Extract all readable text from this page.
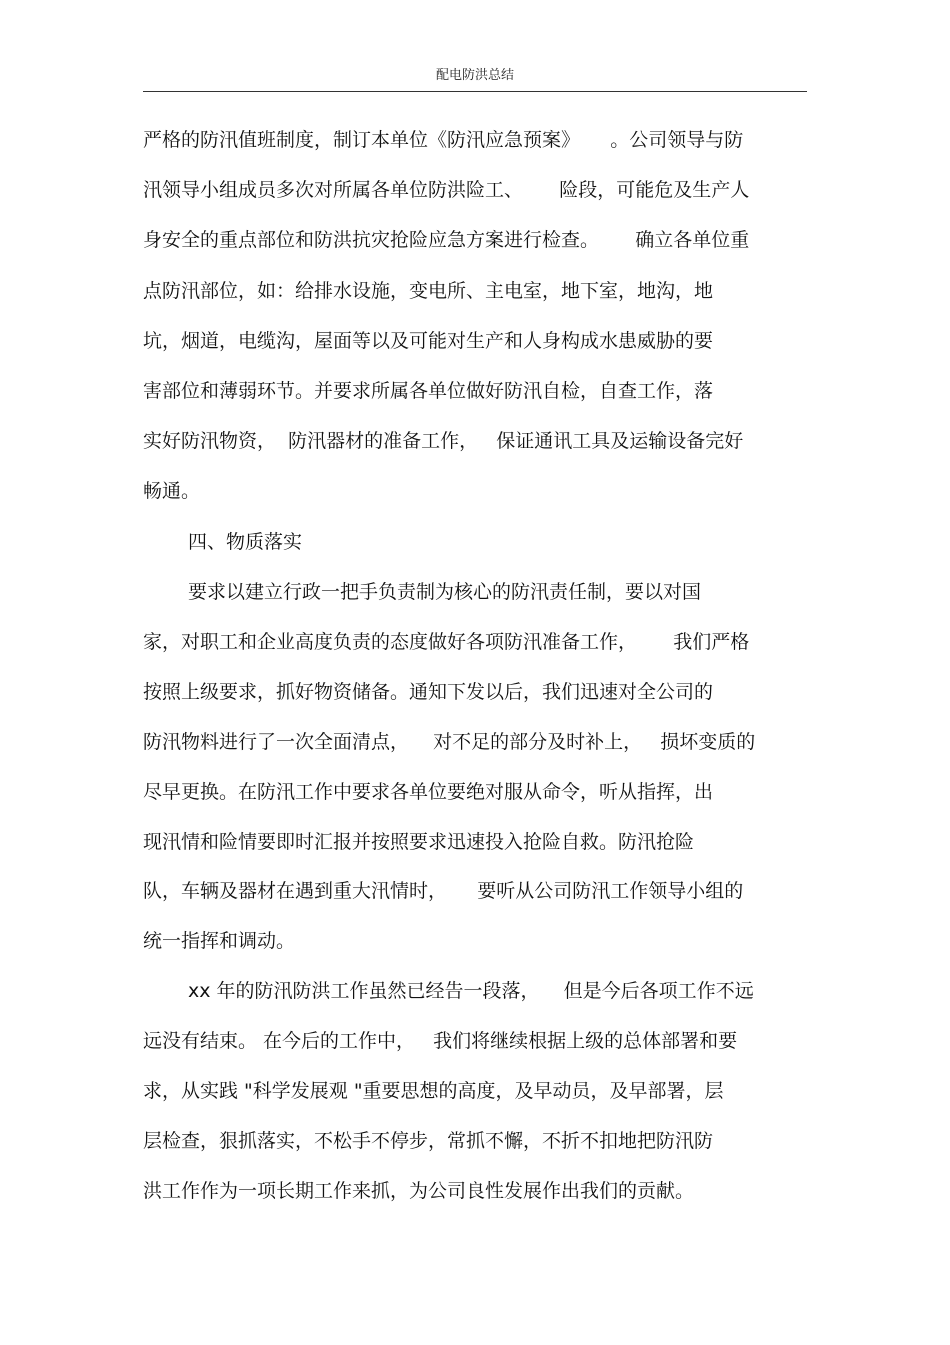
配电防洪总结
严格的防汛值班制度，制订本单位《防汛应急预案》     。公司领导与防
汛领导小组成员多次对所属各单位防洪险工、      险段，可能危及生产人
身安全的重点部位和防洪抗灾抢险应急方案进行检查。      确立各单位重
点防汛部位，如：给排水设施，变电所、主电室，地下室，地沟，地
坑，烟道，电缆沟，屋面等以及可能对生产和人身构成水患威胁的要
害部位和薄弱环节。并要求所属各单位做好防汛自检，自查工作，落
实好防汛物资，  防汛器材的准备工作，   保证通讯工具及运输设备完好
畅通。
四、物质落实
要求以建立行政一把手负责制为核心的防汛责任制，要以对国
家，对职工和企业高度负责的态度做好各项防汛准备工作，      我们严格
按照上级要求，抓好物资储备。通知下发以后，我们迅速对全公司的
防汛物料进行了一次全面清点，    对不足的部分及时补上，   损坏变质的
尽早更换。在防汛工作中要求各单位要绝对服从命令，听从指挥，出
现汛情和险情要即时汇报并按照要求迅速投入抢险自救。防汛抢险
队，车辆及器材在遇到重大汛情时，     要听从公司防汛工作领导小组的
统一指挥和调动。
xx 年的防汛防洪工作虽然已经告一段落，    但是今后各项工作不远
远没有结束。 在今后的工作中，   我们将继续根据上级的总体部署和要
求，从实践 "科学发展观 "重要思想的高度，及早动员，及早部署，层
层检查，狠抓落实，不松手不停步，常抓不懈，不折不扣地把防汛防
洪工作作为一项长期工作来抓，为公司良性发展作出我们的贡献。
